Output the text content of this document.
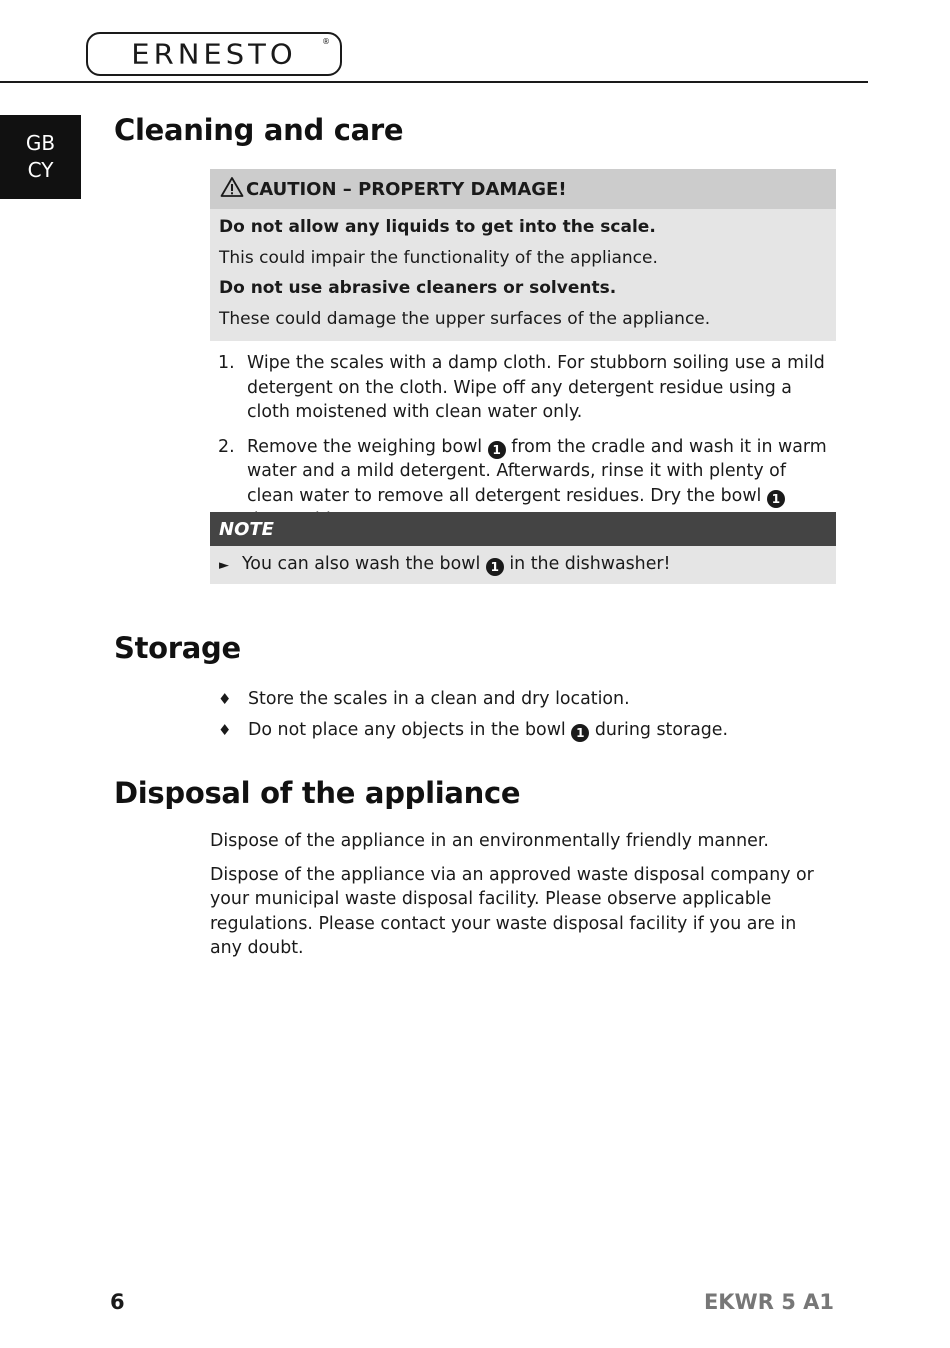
ERNESTO	®
GB
CY
Cleaning and care
CAUTION – PROPERTY DAMAGE!

Do not allow any liquids to get into the scale.

This could impair the functionality of the appliance.

Do not use abrasive cleaners or solvents.

These could damage the upper surfaces of the appliance.

1. Wipe the scales with a damp cloth. For stubborn soiling use a mild detergent on the cloth. Wipe off any detergent residue using a cloth moistened with clean water only.
2. Remove the weighing bowl 1 from the cradle and wash it in warm water and a mild detergent. Afterwards, rinse it with plenty of clean water to remove all detergent residues. Dry the bowl 1
NOTE
► You can also wash the bowl 1 in the dishwasher!
Storage
♦ Store the scales in a clean and dry location.
♦ Do not place any objects in the bowl 1 during storage.
Disposal of the appliance

Dispose of the appliance in an environmentally friendly manner.

Dispose of the appliance via an approved waste disposal company or your municipal waste disposal facility. Please observe applicable regulations. Please contact your waste disposal facility if you are in any doubt.

6	EKWR 5 A1
